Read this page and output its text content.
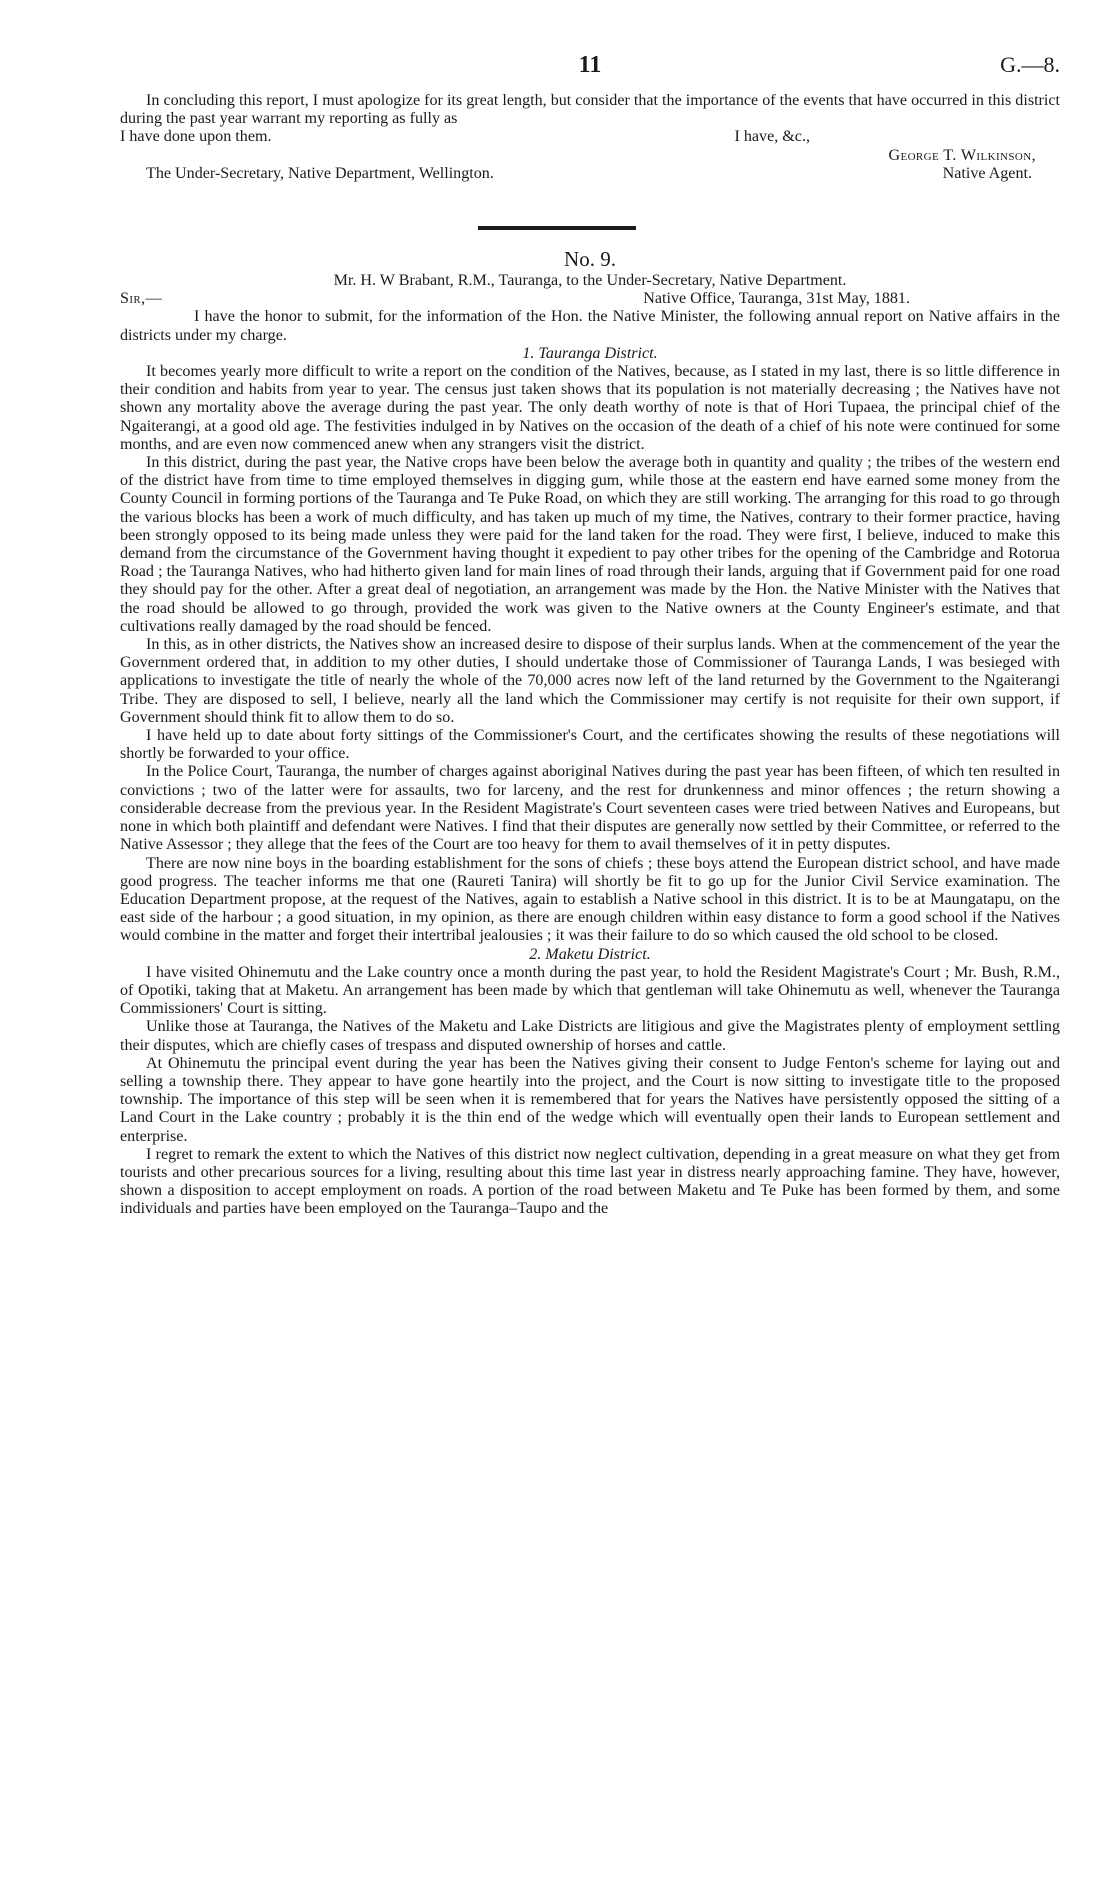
11	G.—8.

In concluding this report, I must apologize for its great length, but consider that the importance of the events that have occurred in this district during the past year warrant my reporting as fully as

I have done upon them.	I have, &c.,
George T. Wilkinson,
The Under-Secretary, Native Department, Wellington.	Native Agent.

No. 9.

Mr. H. W Brabant, R.M., Tauranga, to the Under-Secretary, Native Department.

Sir,—	Native Office, Tauranga, 31st May, 1881.

I have the honor to submit, for the information of the Hon. the Native Minister, the following annual report on Native affairs in the districts under my charge.

1. Tauranga District.

It becomes yearly more difficult to write a report on the condition of the Natives, because, as I stated in my last, there is so little difference in their condition and habits from year to year. The census just taken shows that its population is not materially decreasing ; the Natives have not shown any mortality above the average during the past year. The only death worthy of note is that of Hori Tupaea, the principal chief of the Ngaiterangi, at a good old age. The festivities indulged in by Natives on the occasion of the death of a chief of his note were continued for some months, and are even now commenced anew when any strangers visit the district.

In this district, during the past year, the Native crops have been below the average both in quantity and quality ; the tribes of the western end of the district have from time to time employed themselves in digging gum, while those at the eastern end have earned some money from the County Council in forming portions of the Tauranga and Te Puke Road, on which they are still working. The arranging for this road to go through the various blocks has been a work of much difficulty, and has taken up much of my time, the Natives, contrary to their former practice, having been strongly opposed to its being made unless they were paid for the land taken for the road. They were first, I believe, induced to make this demand from the circumstance of the Government having thought it expedient to pay other tribes for the opening of the Cambridge and Rotorua Road ; the Tauranga Natives, who had hitherto given land for main lines of road through their lands, arguing that if Government paid for one road they should pay for the other. After a great deal of negotiation, an arrangement was made by the Hon. the Native Minister with the Natives that the road should be allowed to go through, provided the work was given to the Native owners at the County Engineer's estimate, and that cultivations really damaged by the road should be fenced.

In this, as in other districts, the Natives show an increased desire to dispose of their surplus lands. When at the commencement of the year the Government ordered that, in addition to my other duties, I should undertake those of Commissioner of Tauranga Lands, I was besieged with applications to investigate the title of nearly the whole of the 70,000 acres now left of the land returned by the Government to the Ngaiterangi Tribe. They are disposed to sell, I believe, nearly all the land which the Commissioner may certify is not requisite for their own support, if Government should think fit to allow them to do so.

I have held up to date about forty sittings of the Commissioner's Court, and the certificates showing the results of these negotiations will shortly be forwarded to your office.

In the Police Court, Tauranga, the number of charges against aboriginal Natives during the past year has been fifteen, of which ten resulted in convictions ; two of the latter were for assaults, two for larceny, and the rest for drunkenness and minor offences ; the return showing a considerable decrease from the previous year. In the Resident Magistrate's Court seventeen cases were tried between Natives and Europeans, but none in which both plaintiff and defendant were Natives. I find that their disputes are generally now settled by their Committee, or referred to the Native Assessor ; they allege that the fees of the Court are too heavy for them to avail themselves of it in petty disputes.

There are now nine boys in the boarding establishment for the sons of chiefs ; these boys attend the European district school, and have made good progress. The teacher informs me that one (Raureti Tanira) will shortly be fit to go up for the Junior Civil Service examination. The Education Department propose, at the request of the Natives, again to establish a Native school in this district. It is to be at Maungatapu, on the east side of the harbour ; a good situation, in my opinion, as there are enough children within easy distance to form a good school if the Natives would combine in the matter and forget their intertribal jealousies ; it was their failure to do so which caused the old school to be closed.

2. Maketu District.

I have visited Ohinemutu and the Lake country once a month during the past year, to hold the Resident Magistrate's Court ; Mr. Bush, R.M., of Opotiki, taking that at Maketu. An arrangement has been made by which that gentleman will take Ohinemutu as well, whenever the Tauranga Commissioners' Court is sitting.

Unlike those at Tauranga, the Natives of the Maketu and Lake Districts are litigious and give the Magistrates plenty of employment settling their disputes, which are chiefly cases of trespass and disputed ownership of horses and cattle.

At Ohinemutu the principal event during the year has been the Natives giving their consent to Judge Fenton's scheme for laying out and selling a township there. They appear to have gone heartily into the project, and the Court is now sitting to investigate title to the proposed township. The importance of this step will be seen when it is remembered that for years the Natives have persistently opposed the sitting of a Land Court in the Lake country ; probably it is the thin end of the wedge which will eventually open their lands to European settlement and enterprise.

I regret to remark the extent to which the Natives of this district now neglect cultivation, depending in a great measure on what they get from tourists and other precarious sources for a living, resulting about this time last year in distress nearly approaching famine. They have, however, shown a disposition to accept employment on roads. A portion of the road between Maketu and Te Puke has been formed by them, and some individuals and parties have been employed on the Tauranga–Taupo and the
